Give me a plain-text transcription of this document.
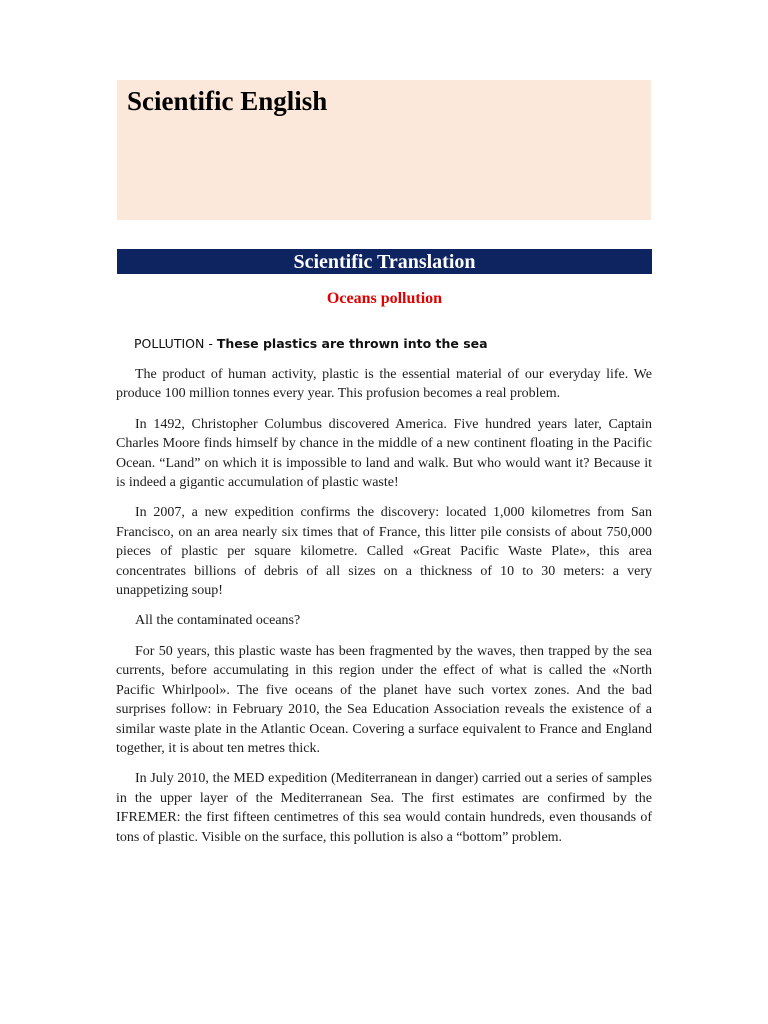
Scientific English
Scientific Translation
Oceans pollution
POLLUTION - These plastics are thrown into the sea

The product of human activity, plastic is the essential material of our everyday life. We produce 100 million tonnes every year. This profusion becomes a real problem.

In 1492, Christopher Columbus discovered America. Five hundred years later, Captain Charles Moore finds himself by chance in the middle of a new continent floating in the Pacific Ocean. “Land” on which it is impossible to land and walk. But who would want it? Because it is indeed a gigantic accumulation of plastic waste!

In 2007, a new expedition confirms the discovery: located 1,000 kilometres from San Francisco, on an area nearly six times that of France, this litter pile consists of about 750,000 pieces of plastic per square kilometre. Called «Great Pacific Waste Plate», this area concentrates billions of debris of all sizes on a thickness of 10 to 30 meters: a very unappetizing soup!

All the contaminated oceans?

For 50 years, this plastic waste has been fragmented by the waves, then trapped by the sea currents, before accumulating in this region under the effect of what is called the «North Pacific Whirlpool». The five oceans of the planet have such vortex zones. And the bad surprises follow: in February 2010, the Sea Education Association reveals the existence of a similar waste plate in the Atlantic Ocean. Covering a surface equivalent to France and England together, it is about ten metres thick.

In July 2010, the MED expedition (Mediterranean in danger) carried out a series of samples in the upper layer of the Mediterranean Sea. The first estimates are confirmed by the IFREMER: the first fifteen centimetres of this sea would contain hundreds, even thousands of tons of plastic. Visible on the surface, this pollution is also a “bottom” problem.
